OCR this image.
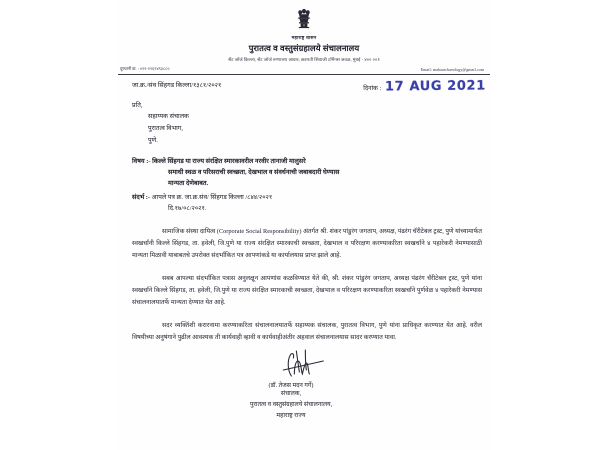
महाराष्ट्र शासन
पुरातत्व व वस्तुसंग्रहालये संचालनालय
सेंट जॉर्ज किल्ला, सेंट जॉर्ज रुग्णालय आवार, छत्रपती शिवाजी टर्मिनस जवळ, मुंबई - ४०० ००१
दूरध्वनी क्र. : ०२२-२२६२४९३८८०	Email: mahaarchaeology@gmail.com
जा.क्र./संव सिंहगड किल्ला/१३८१/२०२१	दिनांक : 17 AUG 2021
प्रति,
सहाय्यक संचालक
पुरातत्व विभाग,
पुणे.
विषय :- किल्ले सिंहगड या राज्य संरक्षित स्मारकावरील नरवीर तानाजी मालुसरे
समाधी स्थळ व परिसराची स्वच्छता, देखभाल व संवर्धनाची जबाबदारी घेण्यास
मान्यता देणेबाबत.
संदर्भ :- आपले पत्र क्र. जा.क्र.संव/ सिंहगड किल्ला /८४४/२०२१
दि.१७/०८/२०२१.
सामाजिक संस्था दायित्व (Corporate Social Responsibility) अंतर्गत श्री. शंकर पांडुरंग जगताप, अध्यक्ष, पंढरंग चॅरीटेबल ट्रस्ट, पुणे यांच्यामार्फत स्वखर्चांनी किल्ले सिंहगड, ता. हवेली, जि.पुणे या राज्य संरक्षित स्मारकाची स्वच्छता, देखभाल व परिरक्षण करण्याकरिता स्वखर्चांने ४ पहारेकरी नेमण्यासाठी मान्यता मिळावी याबाबतचे उपरोक्त संदर्भांकित पत्र आपणांकडे या कार्यालयास प्राप्त झाले आहे.
सबब आपल्या संदर्भांकित पत्रास अनुलक्षून आपणांस कळविण्यात येते की, श्री. शंकर पांडुरंग जगताप, अध्यक्ष पंढरंग चॅरीटेबल ट्रस्ट, पुणे यांना स्वखर्चांने किल्ले सिंहगड, ता. हवेली, जि.पुणे या राज्य संरक्षित स्मारकाची स्वच्छता, देखभाल व परिरक्षण करण्याकरिता स्वखर्चांने पुर्णवेळ ४ पहारेकरी नेमण्यास संचालनालयातर्फे मान्यता देण्यात येत आहे.
सदर व्यक्तिंशी करारनामा करण्याकरिता संचालनालयातर्फे सहाय्यक संचालक, पुरातत्व विभाग, पुणे यांना प्राधिकृत करण्यात येत आहे. वरील विषयीच्या अनुषंगाने पुढील आवश्यक ती कार्यवाही व्हावी व कार्यवाहीअंतीर अहवाल संचालनालयास सादर करण्यात यावा.
(डॉ. तेजस मदन गर्गे)
संचालक,
पुरातत्व व वस्तुसंग्रहालये संचालनालय,
महाराष्ट्र राज्य
